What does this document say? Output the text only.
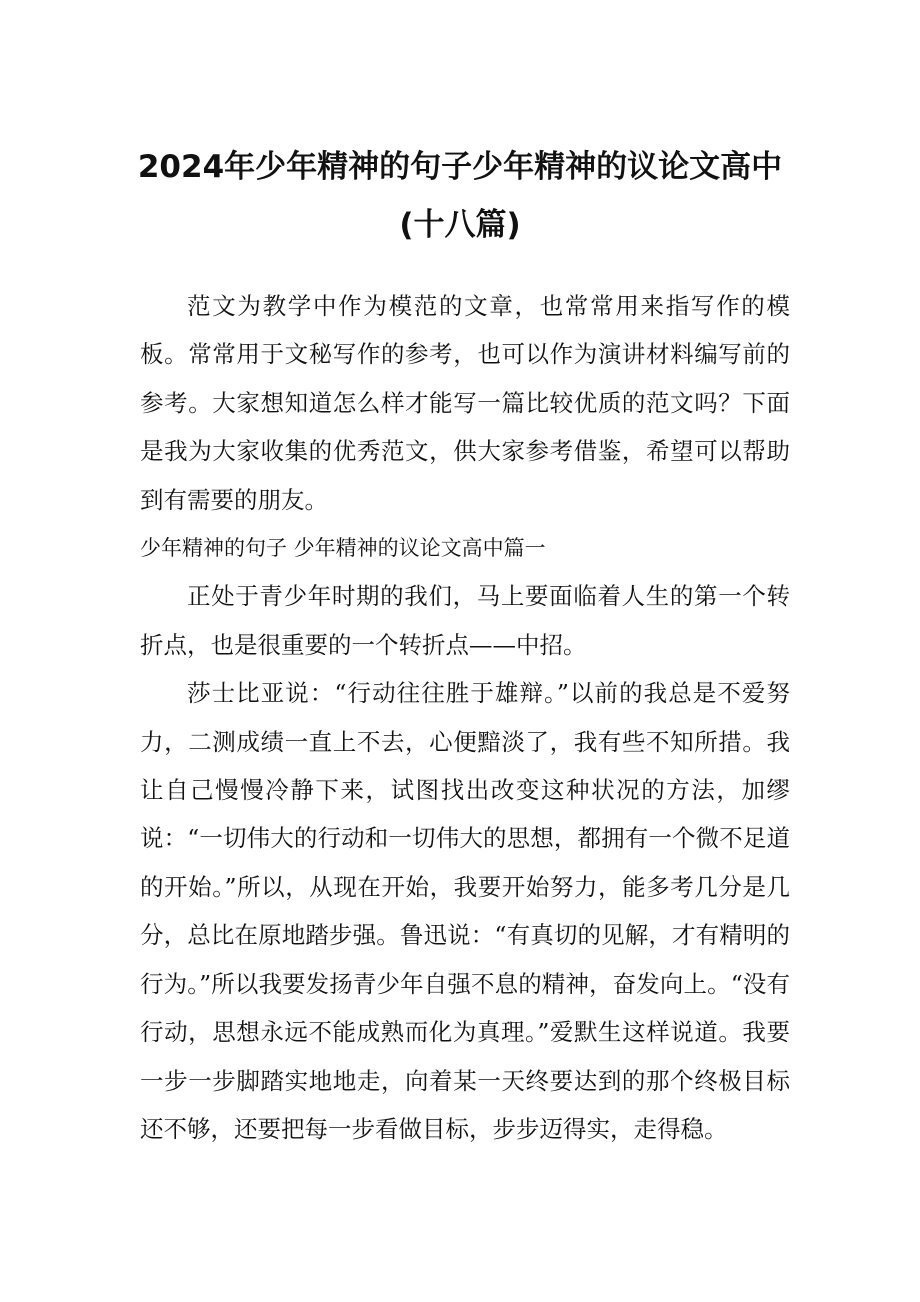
2024年少年精神的句子少年精神的议论文高中(十八篇)

范文为教学中作为模范的文章，也常常用来指写作的模板。常常用于文秘写作的参考，也可以作为演讲材料编写前的参考。大家想知道怎么样才能写一篇比较优质的范文吗？下面是我为大家收集的优秀范文，供大家参考借鉴，希望可以帮助到有需要的朋友。

少年精神的句子 少年精神的议论文高中篇一

正处于青少年时期的我们，马上要面临着人生的第一个转折点，也是很重要的一个转折点——中招。

莎士比亚说：“行动往往胜于雄辩。”以前的我总是不爱努力，二测成绩一直上不去，心便黯淡了，我有些不知所措。我让自己慢慢冷静下来，试图找出改变这种状况的方法，加缪说：“一切伟大的行动和一切伟大的思想，都拥有一个微不足道的开始。”所以，从现在开始，我要开始努力，能多考几分是几分，总比在原地踏步强。鲁迅说：“有真切的见解，才有精明的行为。”所以我要发扬青少年自强不息的精神，奋发向上。“没有行动，思想永远不能成熟而化为真理。”爱默生这样说道。我要一步一步脚踏实地地走，向着某一天终要达到的那个终极目标还不够，还要把每一步看做目标，步步迈得实，走得稳。
